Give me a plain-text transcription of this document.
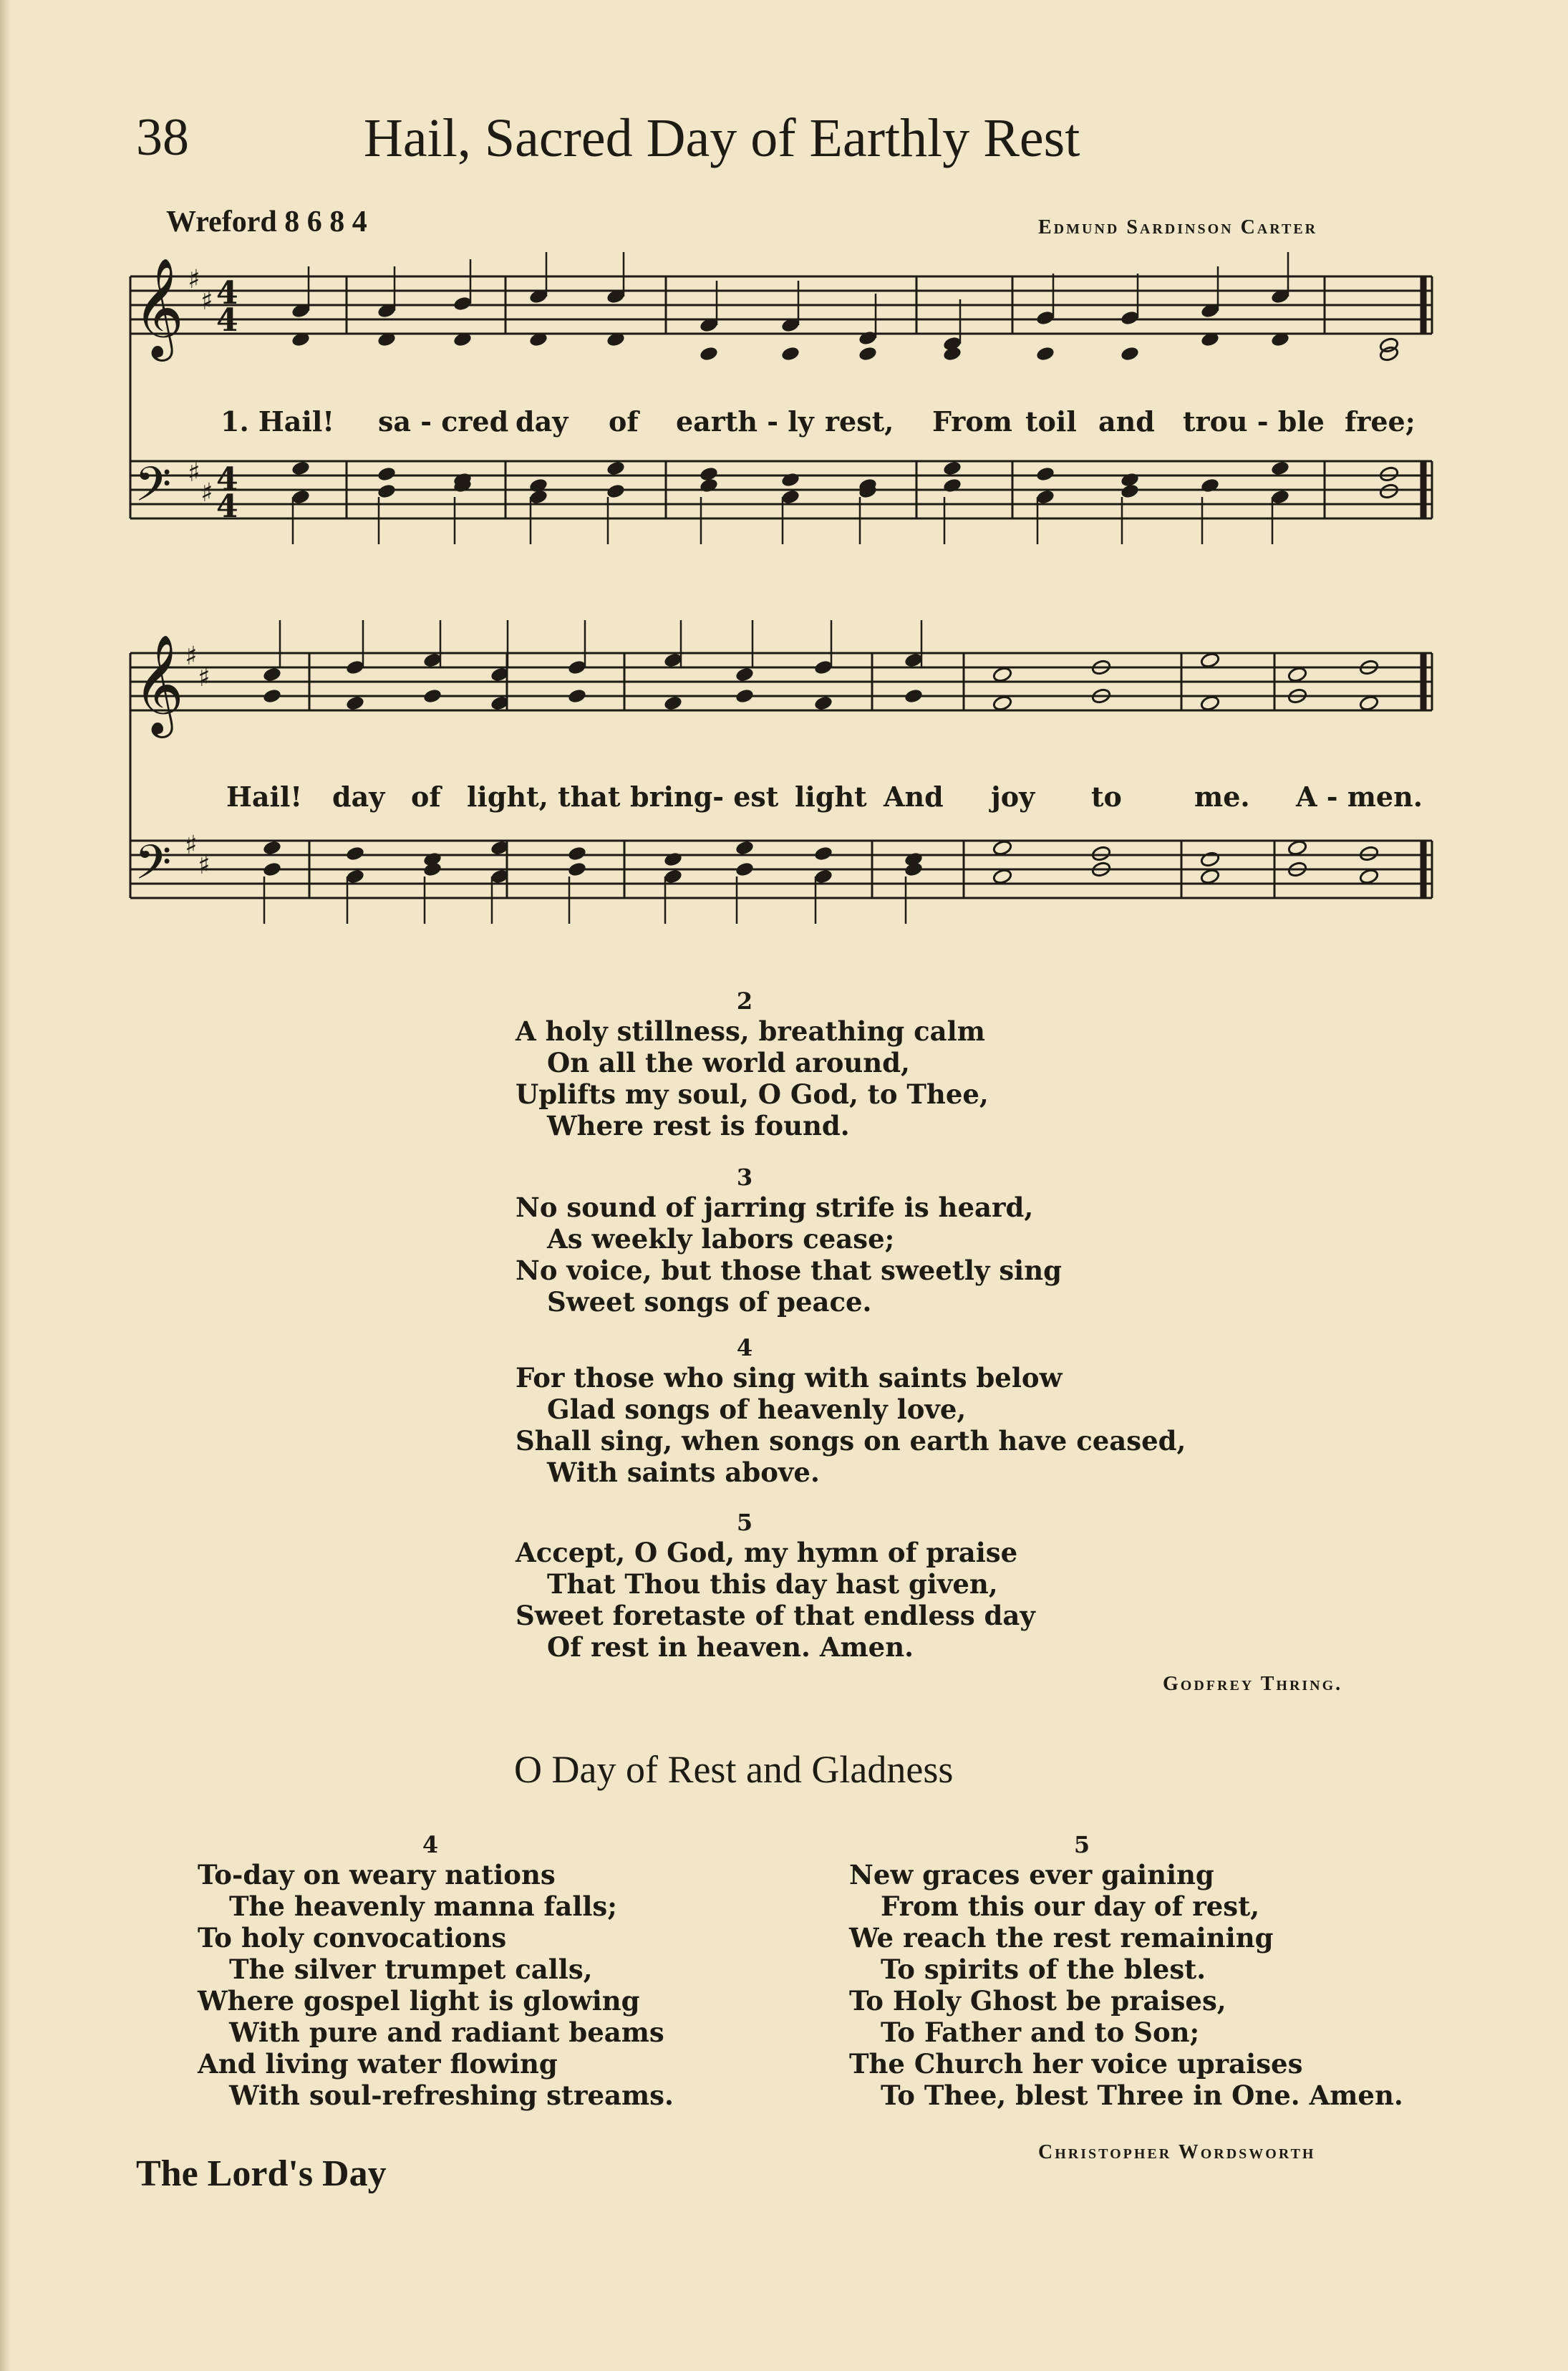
38	Hail, Sacred Day of Earthly Rest
Wreford 8 6 8 4	Edmund Sardinson Carter
𝄞
𝄢
𝄞
𝄢
♯
♯
♯
♯
♯
♯
♯
♯
4
4
4
4
1. Hail! sa - cred day of earth - ly rest, From toil and trou - ble free;
Hail! day of light, that bring- est light And joy to	me. A - men.
2
A holy stillness, breathing calm
On all the world around,
Uplifts my soul, O God, to Thee,
Where rest is found.
3
No sound of jarring strife is heard,
As weekly labors cease;
No voice, but those that sweetly sing
Sweet songs of peace.
4
For those who sing with saints below
Glad songs of heavenly love,
Shall sing, when songs on earth have ceased,
With saints above.
5
Accept, O God, my hymn of praise
That Thou this day hast given,
Sweet foretaste of that endless day
Of rest in heaven. Amen.
Godfrey Thring.
O Day of Rest and Gladness
4
To-day on weary nations
The heavenly manna falls;
To holy convocations
The silver trumpet calls,
Where gospel light is glowing
With pure and radiant beams
And living water flowing
With soul-refreshing streams.
5
New graces ever gaining
From this our day of rest,
We reach the rest remaining
To spirits of the blest.
To Holy Ghost be praises,
To Father and to Son;
The Church her voice upraises
To Thee, blest Three in One. Amen.
Christopher Wordsworth
The Lord's Day
